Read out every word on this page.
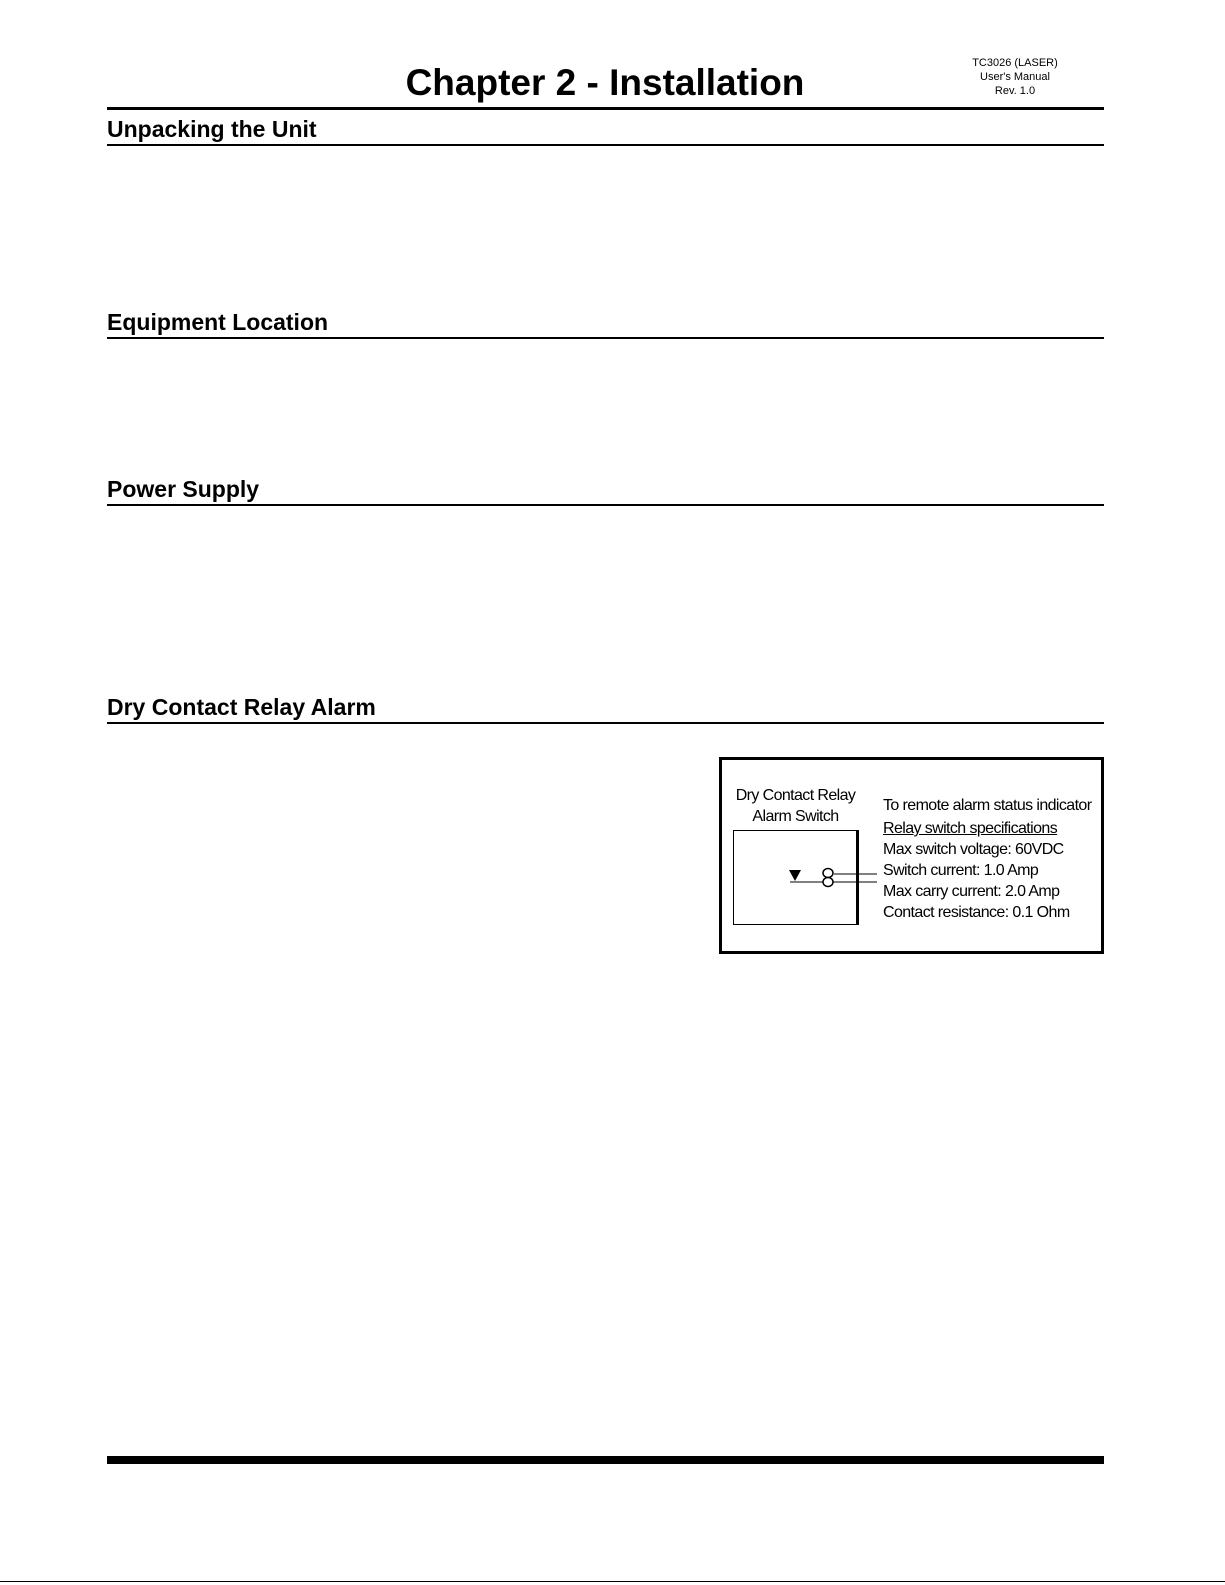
TC3026 (LASER)
User's Manual
Rev. 1.0
Chapter 2 - Installation
Unpacking the Unit
Equipment Location
Power Supply
Dry Contact Relay Alarm
Dry Contact Relay
Alarm Switch
To remote alarm status indicator
Relay switch specifications
Max switch voltage: 60VDC
Switch current: 1.0 Amp
Max carry current: 2.0 Amp
Contact resistance: 0.1 Ohm
